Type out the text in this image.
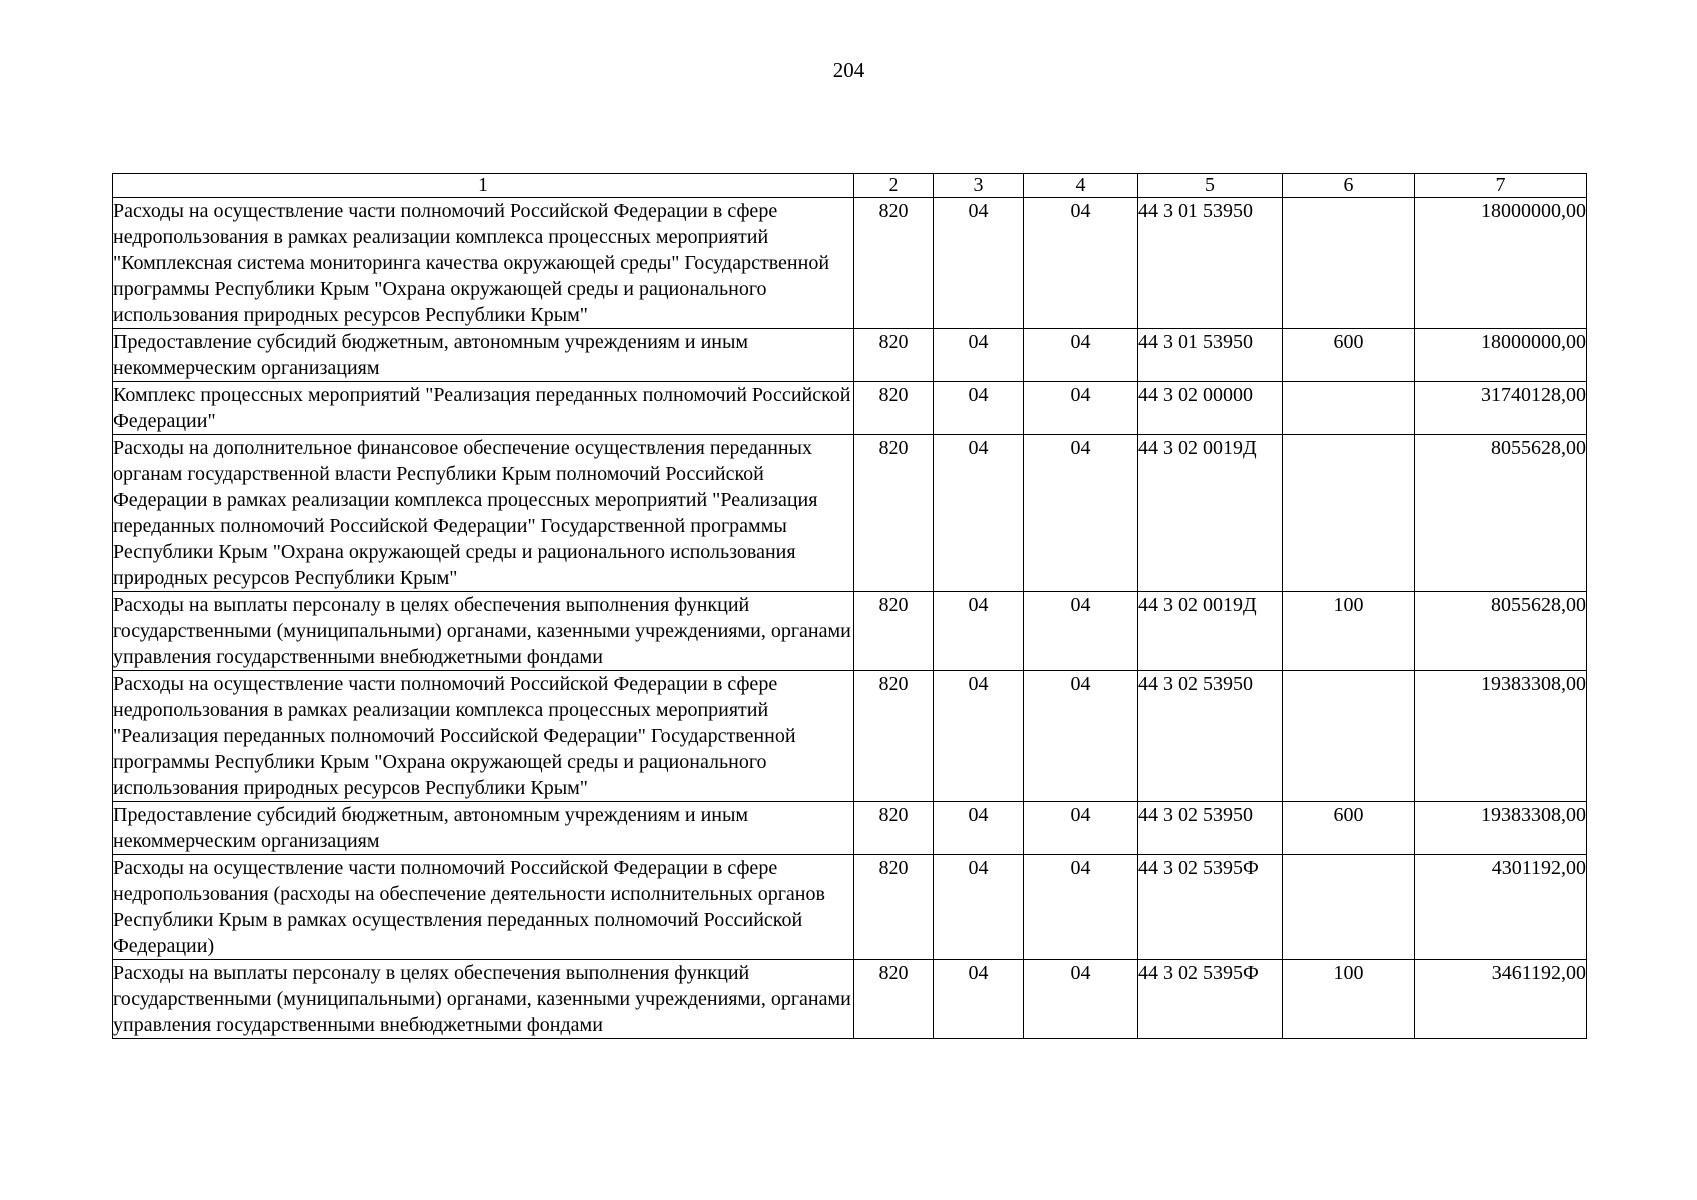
204
1	2	3	4	5	6	7
Расходы на осуществление части полномочий Российской Федерации в сфере недропользования в рамках реализации комплекса процессных мероприятий "Комплексная система мониторинга качества окружающей среды" Государственной программы Республики Крым "Охрана окружающей среды и рационального использования природных ресурсов Республики Крым"	820	04	04	44 3 01 53950		18000000,00
Предоставление субсидий бюджетным, автономным учреждениям и иным некоммерческим организациям	820	04	04	44 3 01 53950	600	18000000,00
Комплекс процессных мероприятий "Реализация переданных полномочий Российской Федерации"	820	04	04	44 3 02 00000		31740128,00
Расходы на дополнительное финансовое обеспечение осуществления переданных органам государственной власти Республики Крым полномочий Российской Федерации в рамках реализации комплекса процессных мероприятий "Реализация переданных полномочий Российской Федерации" Государственной программы Республики Крым "Охрана окружающей среды и рационального использования природных ресурсов Республики Крым"	820	04	04	44 3 02 0019Д		8055628,00
Расходы на выплаты персоналу в целях обеспечения выполнения функций государственными (муниципальными) органами, казенными учреждениями, органами управления государственными внебюджетными фондами	820	04	04	44 3 02 0019Д	100	8055628,00
Расходы на осуществление части полномочий Российской Федерации в сфере недропользования в рамках реализации комплекса процессных мероприятий "Реализация переданных полномочий Российской Федерации" Государственной программы Республики Крым "Охрана окружающей среды и рационального использования природных ресурсов Республики Крым"	820	04	04	44 3 02 53950		19383308,00
Предоставление субсидий бюджетным, автономным учреждениям и иным некоммерческим организациям	820	04	04	44 3 02 53950	600	19383308,00
Расходы на осуществление части полномочий Российской Федерации в сфере недропользования (расходы на обеспечение деятельности исполнительных органов Республики Крым в рамках осуществления переданных полномочий Российской Федерации)	820	04	04	44 3 02 5395Ф		4301192,00
Расходы на выплаты персоналу в целях обеспечения выполнения функций государственными (муниципальными) органами, казенными учреждениями, органами управления государственными внебюджетными фондами	820	04	04	44 3 02 5395Ф	100	3461192,00
